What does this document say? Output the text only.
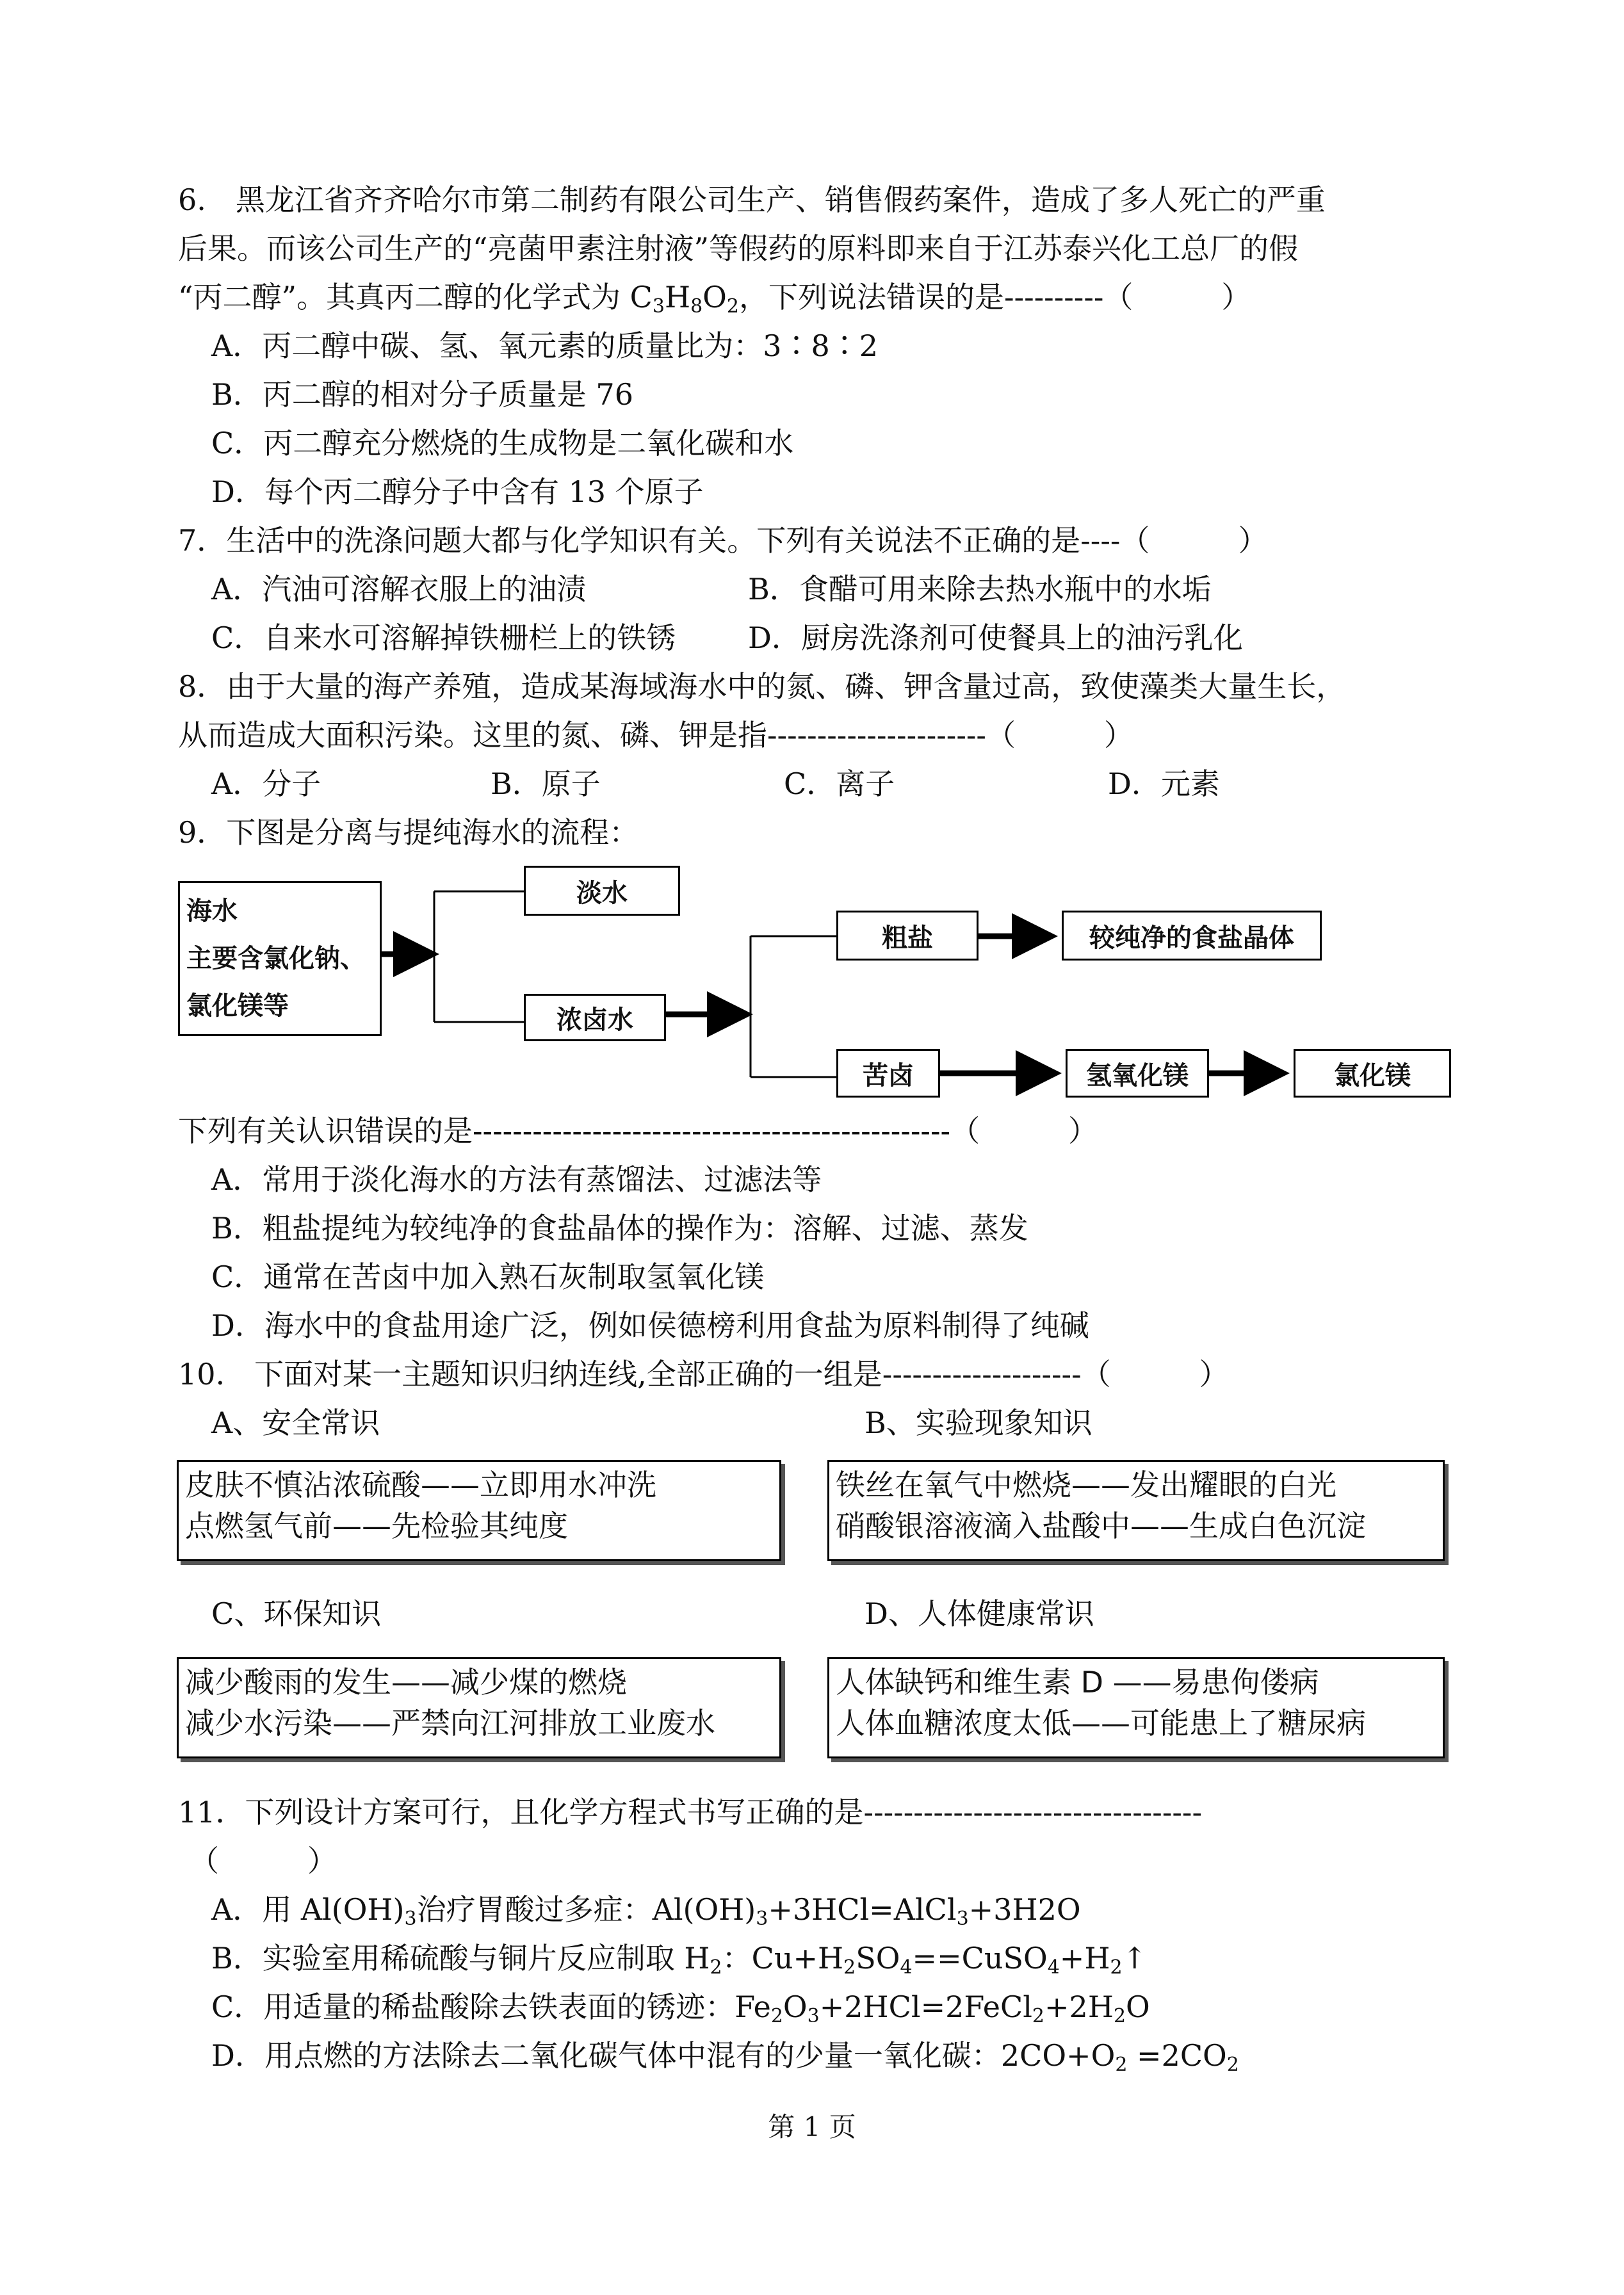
6.　黑龙江省齐齐哈尔市第二制药有限公司生产、销售假药案件，造成了多人死亡的严重
后果。而该公司生产的“亮菌甲素注射液”等假药的原料即来自于江苏泰兴化工总厂的假
“丙二醇”。其真丙二醇的化学式为 $C_3H_8O_2$，下列说法错误的是----------（　　　）
A．丙二醇中碳、氢、氧元素的质量比为：3∶8∶2
B．丙二醇的相对分子质量是 76
C．丙二醇充分燃烧的生成物是二氧化碳和水
D．每个丙二醇分子中含有 13 个原子
7．生活中的洗涤问题大都与化学知识有关。下列有关说法不正确的是----（　　　）
A．汽油可溶解衣服上的油渍	B．食醋可用来除去热水瓶中的水垢
C．自来水可溶解掉铁栅栏上的铁锈 D．厨房洗涤剂可使餐具上的油污乳化
8．由于大量的海产养殖，造成某海域海水中的氮、磷、钾含量过高，致使藻类大量生长，
从而造成大面积污染。这里的氮、磷、钾是指----------------------（　　　）
A．分子	B．原子	C．离子	D．元素
9．下图是分离与提纯海水的流程：
海水
主要含氯化钠、
氯化镁等
淡水
浓卤水
粗盐	较纯净的食盐晶体
苦卤	氢氧化镁	氯化镁
下列有关认识错误的是------------------------------------------------（　　　）
A．常用于淡化海水的方法有蒸馏法、过滤法等
B．粗盐提纯为较纯净的食盐晶体的操作为：溶解、过滤、蒸发
C．通常在苦卤中加入熟石灰制取氢氧化镁
D．海水中的食盐用途广泛，例如侯德榜利用食盐为原料制得了纯碱
10.　下面对某一主题知识归纳连线,全部正确的一组是--------------------（　　　）
A、安全常识	B、实验现象知识
皮肤不慎沾浓硫酸——立即用水冲洗
点燃氢气前——先检验其纯度
铁丝在氧气中燃烧——发出耀眼的白光
硝酸银溶液滴入盐酸中——生成白色沉淀
C、环保知识	D、人体健康常识
减少酸雨的发生——减少煤的燃烧
减少水污染——严禁向江河排放工业废水
人体缺钙和维生素 D ——易患佝偻病
人体血糖浓度太低——可能患上了糖尿病
11．下列设计方案可行，且化学方程式书写正确的是----------------------------------
（　　　）
A．用 $Al(OH)_3$治疗胃酸过多症：$Al(OH)_3+3HCl=AlCl_3+3H2O$
B．实验室用稀硫酸与铜片反应制取 $H_2$：$Cu+H_2SO_4==CuSO_4+H_2↑$
C．用适量的稀盐酸除去铁表面的锈迹：$Fe_2O_3+2HCl=2FeCl_2+2H_2O$
D．用点燃的方法除去二氧化碳气体中混有的少量一氧化碳：$2CO+O_2 =2CO_2$
第 1 页
